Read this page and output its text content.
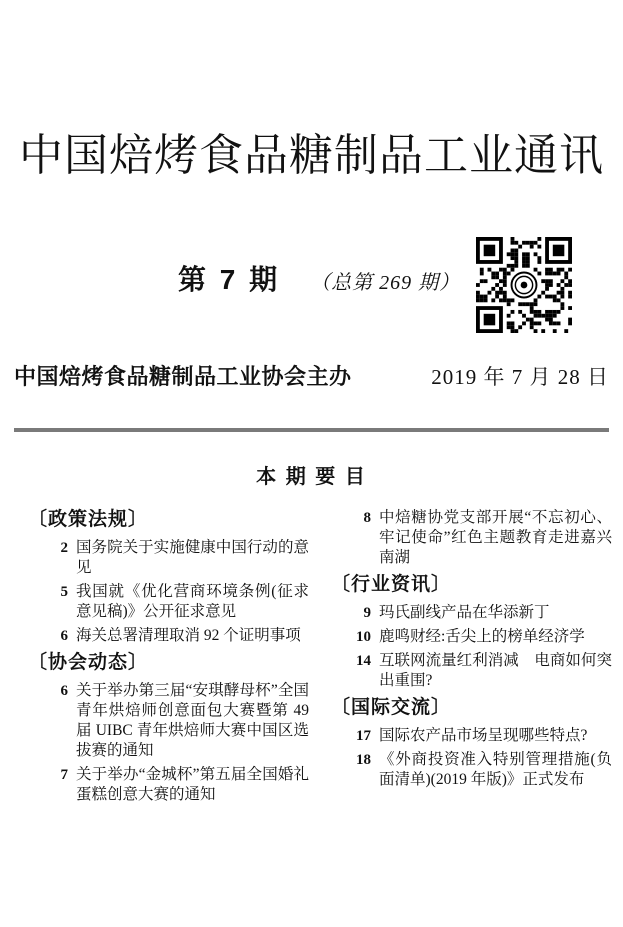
中国焙烤食品糖制品工业通讯
第 7 期 （总第 269 期）
中国焙烤食品糖制品工业协会主办	2019 年 7 月 28 日
本 期 要 目
〔政策法规〕
2 国务院关于实施健康中国行动的意见
5 我国就《优化营商环境条例(征求意见稿)》公开征求意见
6 海关总署清理取消 92 个证明事项
〔协会动态〕
6 关于举办第三届“安琪酵母杯”全国青年烘焙师创意面包大赛暨第 49 届 UIBC 青年烘焙师大赛中国区选拔赛的通知
7 关于举办“金城杯”第五届全国婚礼蛋糕创意大赛的通知
8 中焙糖协党支部开展“不忘初心、牢记使命”红色主题教育走进嘉兴南湖
〔行业资讯〕
9 玛氏副线产品在华添新丁
10 鹿鸣财经:舌尖上的榜单经济学
14 互联网流量红利消减　电商如何突出重围?
〔国际交流〕
17 国际农产品市场呈现哪些特点?
18 《外商投资准入特别管理措施(负面清单)(2019 年版)》正式发布
